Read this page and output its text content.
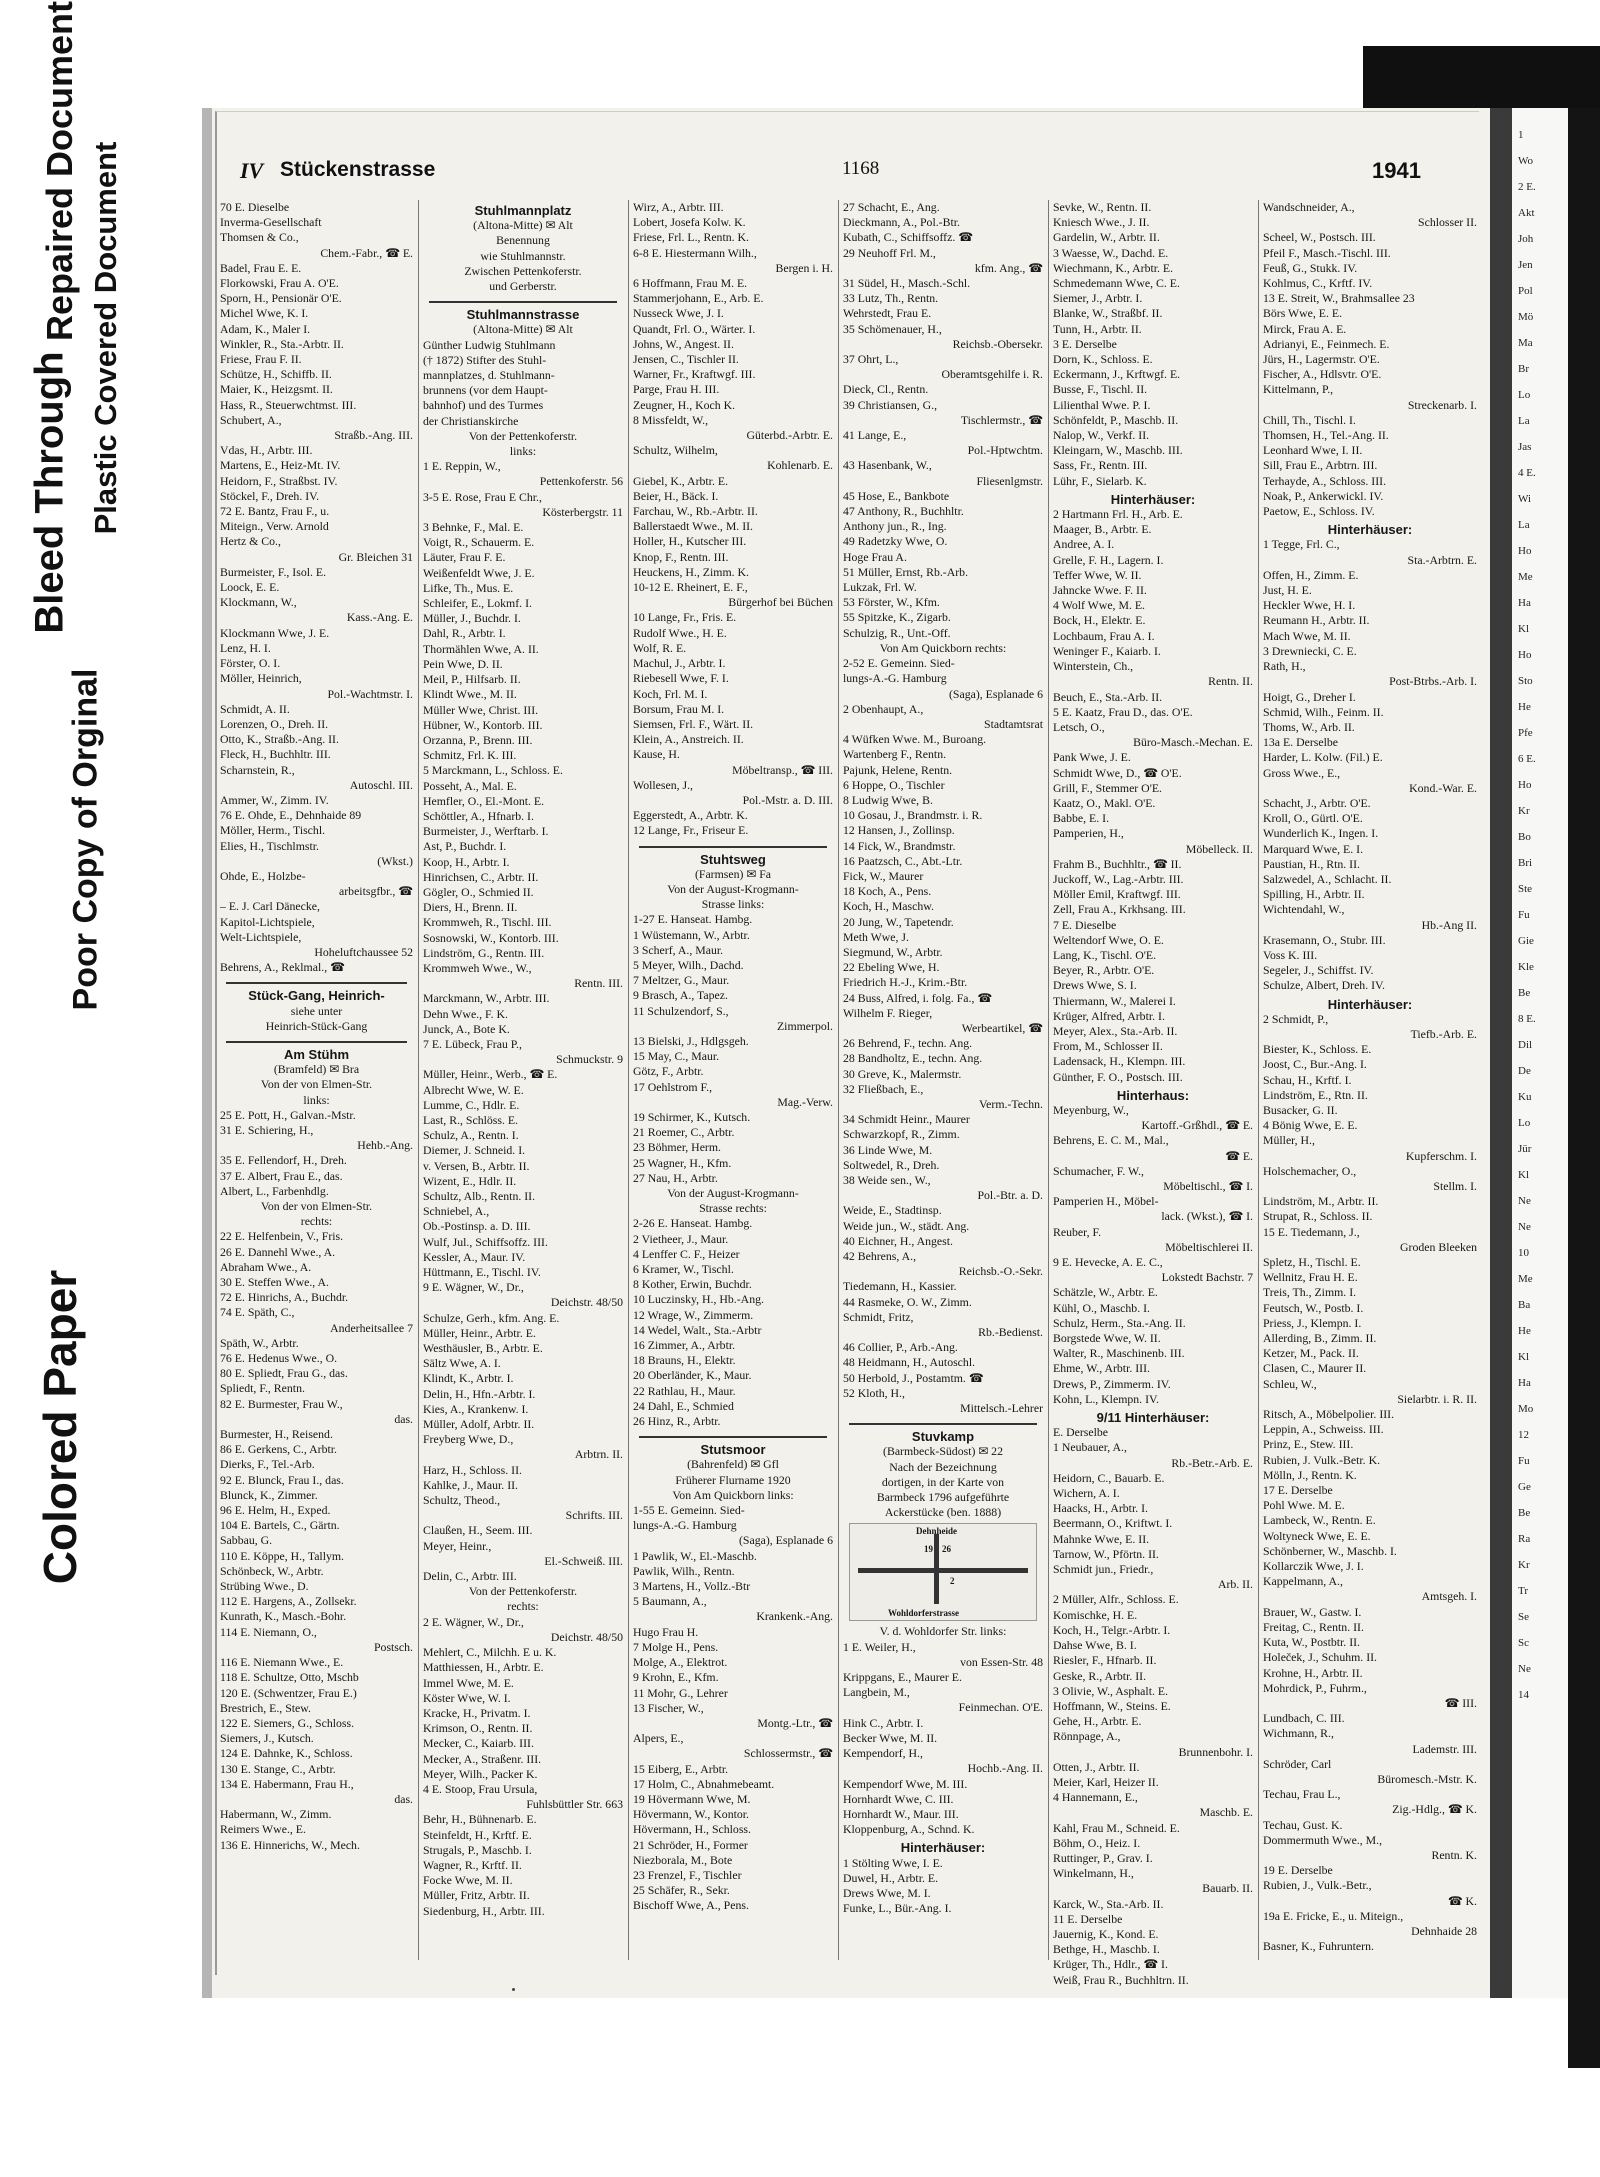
Bleed Through
Repaired Document
Poor Copy of Orginal
Plastic Covered Document
Colored Paper
IV Stückenstrasse	1168	1941
70 E. Dieselbe
Inverma-Gesellschaft
Thomsen & Co.,
Chem.-Fabr., ☎ E.
Badel, Frau E. E.
Florkowski, Frau A. O'E.
Sporn, H., Pensionär O'E.
Michel Wwe, K. I.
Adam, K., Maler I.
Winkler, R., Sta.-Arbtr. II.
Friese, Frau F. II.
Schütze, H., Schiffb. II.
Maier, K., Heizgsmt. II.
Hass, R., Steuerwchtmst. III.
Schubert, A.,
Straßb.-Ang. III.
Vdas, H., Arbtr. III.
Martens, E., Heiz-Mt. IV.
Heidorn, F., Straßbst. IV.
Stöckel, F., Dreh. IV.
72 E. Bantz, Frau F., u.
Miteign., Verw. Arnold
Hertz & Co.,
Gr. Bleichen 31
Burmeister, F., Isol. E.
Loock, E. E.
Klockmann, W.,
Kass.-Ang. E.
Klockmann Wwe, J. E.
Lenz, H. I.
Förster, O. I.
Möller, Heinrich,
Pol.-Wachtmstr. I.
Schmidt, A. II.
Lorenzen, O., Dreh. II.
Otto, K., Straßb.-Ang. II.
Fleck, H., Buchhltr. III.
Scharnstein, R.,
Autoschl. III.
Ammer, W., Zimm. IV.
76 E. Ohde, E., Dehnhaide 89
Möller, Herm., Tischl.
Elies, H., Tischlmstr.
(Wkst.)
Ohde, E., Holzbe-
arbeitsgfbr., ☎
– E. J. Carl Dänecke,
Kapitol-Lichtspiele,
Welt-Lichtspiele,
Hoheluftchaussee 52
Behrens, A., Reklmal., ☎
Stück-Gang, Heinrich-
siehe unter
Heinrich-Stück-Gang
Am Stühm
(Bramfeld) ✉ Bra
Von der von Elmen-Str.
links:
25 E. Pott, H., Galvan.-Mstr.
31 E. Schiering, H.,
Hehb.-Ang.
35 E. Fellendorf, H., Dreh.
37 E. Albert, Frau E., das.
Albert, L., Farbenhdlg.
Von der von Elmen-Str.
rechts:
22 E. Helfenbein, V., Fris.
26 E. Dannehl Wwe., A.
Abraham Wwe., A.
30 E. Steffen Wwe., A.
72 E. Hinrichs, A., Buchdr.
74 E. Späth, C.,
Anderheitsallee 7
Späth, W., Arbtr.
76 E. Hedenus Wwe., O.
80 E. Spliedt, Frau G., das.
Spliedt, F., Rentn.
82 E. Burmester, Frau W.,
das.
Burmester, H., Reisend.
86 E. Gerkens, C., Arbtr.
Dierks, F., Tel.-Arb.
92 E. Blunck, Frau I., das.
Blunck, K., Zimmer.
96 E. Helm, H., Exped.
104 E. Bartels, C., Gärtn.
Sabbau, G.
110 E. Köppe, H., Tallym.
Schönbeck, W., Arbtr.
Strübing Wwe., D.
112 E. Hargens, A., Zollsekr.
Kunrath, K., Masch.-Bohr.
114 E. Niemann, O.,
Postsch.
116 E. Niemann Wwe., E.
118 E. Schultze, Otto, Mschb
120 E. (Schwentzer, Frau E.)
Brestrich, E., Stew.
122 E. Siemers, G., Schloss.
Siemers, J., Kutsch.
124 E. Dahnke, K., Schloss.
130 E. Stange, C., Arbtr.
134 E. Habermann, Frau H.,
das.
Habermann, W., Zimm.
Reimers Wwe., E.
136 E. Hinnerichs, W., Mech.
Stuhlmannplatz
(Altona-Mitte) ✉ Alt
Benennung
wie Stuhlmannstr.
Zwischen Pettenkoferstr.
und Gerberstr.
Stuhlmannstrasse
(Altona-Mitte) ✉ Alt
Günther Ludwig Stuhlmann
(† 1872) Stifter des Stuhl-
mannplatzes, d. Stuhlmann-
brunnens (vor dem Haupt-
bahnhof) und des Turmes
der Christianskirche
Von der Pettenkoferstr.
links:
1 E. Reppin, W.,
Pettenkoferstr. 56
3-5 E. Rose, Frau E Chr.,
Kösterbergstr. 11
3 Behnke, F., Mal. E.
Voigt, R., Schauerm. E.
Läuter, Frau F. E.
Weißenfeldt Wwe, J. E.
Lifke, Th., Mus. E.
Schleifer, E., Lokmf. I.
Müller, J., Buchdr. I.
Dahl, R., Arbtr. I.
Thormählen Wwe, A. II.
Pein Wwe, D. II.
Meil, P., Hilfsarb. II.
Klindt Wwe., M. II.
Müller Wwe, Christ. III.
Hübner, W., Kontorb. III.
Orzanna, P., Brenn. III.
Schmitz, Frl. K. III.
5 Marckmann, L., Schloss. E.
Posseht, A., Mal. E.
Hemfler, O., El.-Mont. E.
Schöttler, A., Hfnarb. I.
Burmeister, J., Werftarb. I.
Ast, P., Buchdr. I.
Koop, H., Arbtr. I.
Hinrichsen, C., Arbtr. II.
Gögler, O., Schmied II.
Diers, H., Brenn. II.
Krommweh, R., Tischl. III.
Sosnowski, W., Kontorb. III.
Lindström, G., Rentn. III.
Krommweh Wwe., W.,
Rentn. III.
Marckmann, W., Arbtr. III.
Dehn Wwe., F. K.
Junck, A., Bote K.
7 E. Lübeck, Frau P.,
Schmuckstr. 9
Müller, Heinr., Werb., ☎ E.
Albrecht Wwe, W. E.
Lumme, C., Hdlr. E.
Last, R., Schlöss. E.
Schulz, A., Rentn. I.
Diemer, J. Schneid. I.
v. Versen, B., Arbtr. II.
Wizent, E., Hdlr. II.
Schultz, Alb., Rentn. II.
Schniebel, A.,
Ob.-Postinsp. a. D. III.
Wulf, Jul., Schiffsoffz. III.
Kessler, A., Maur. IV.
Hüttmann, E., Tischl. IV.
9 E. Wägner, W., Dr.,
Deichstr. 48/50
Schulze, Gerh., kfm. Ang. E.
Müller, Heinr., Arbtr. E.
Westhäusler, B., Arbtr. E.
Sältz Wwe, A. I.
Klindt, K., Arbtr. I.
Delin, H., Hfn.-Arbtr. I.
Kies, A., Krankenw. I.
Müller, Adolf, Arbtr. II.
Freyberg Wwe, D.,
Arbtrn. II.
Harz, H., Schloss. II.
Kahlke, J., Maur. II.
Schultz, Theod.,
Schrifts. III.
Claußen, H., Seem. III.
Meyer, Heinr.,
El.-Schweiß. III.
Delin, C., Arbtr. III.
Von der Pettenkoferstr.
rechts:
2 E. Wägner, W., Dr.,
Deichstr. 48/50
Mehlert, C., Milchh. E u. K.
Matthiessen, H., Arbtr. E.
Immel Wwe, M. E.
Köster Wwe, W. I.
Kracke, H., Privatm. I.
Krimson, O., Rentn. II.
Mecker, C., Kaiarb. III.
Mecker, A., Straßenr. III.
Meyer, Wilh., Packer K.
4 E. Stoop, Frau Ursula,
Fuhlsbüttler Str. 663
Behr, H., Bühnenarb. E.
Steinfeldt, H., Krftf. E.
Strugals, P., Maschb. I.
Wagner, R., Krftf. II.
Focke Wwe, M. II.
Müller, Fritz, Arbtr. II.
Siedenburg, H., Arbtr. III.
Wirz, A., Arbtr. III.
Lobert, Josefa Kolw. K.
Friese, Frl. L., Rentn. K.
6-8 E. Hiestermann Wilh.,
Bergen i. H.
6 Hoffmann, Frau M. E.
Stammerjohann, E., Arb. E.
Nusseck Wwe, J. I.
Quandt, Frl. O., Wärter. I.
Johns, W., Angest. II.
Jensen, C., Tischler II.
Warner, Fr., Kraftwgf. III.
Parge, Frau H. III.
Zeugner, H., Koch K.
8 Missfeldt, W.,
Güterbd.-Arbtr. E.
Schultz, Wilhelm,
Kohlenarb. E.
Giebel, K., Arbtr. E.
Beier, H., Bäck. I.
Farchau, W., Rb.-Arbtr. II.
Ballerstaedt Wwe., M. II.
Holler, H., Kutscher III.
Knop, F., Rentn. III.
Heuckens, H., Zimm. K.
10-12 E. Rheinert, E. F.,
Bürgerhof bei Büchen
10 Lange, Fr., Fris. E.
Rudolf Wwe., H. E.
Wolf, R. E.
Machul, J., Arbtr. I.
Riebesell Wwe, F. I.
Koch, Frl. M. I.
Borsum, Frau M. I.
Siemsen, Frl. F., Wärt. II.
Klein, A., Anstreich. II.
Kause, H.
Möbeltransp., ☎ III.
Wollesen, J.,
Pol.-Mstr. a. D. III.
Eggerstedt, A., Arbtr. K.
12 Lange, Fr., Friseur E.
Stuhtsweg
(Farmsen) ✉ Fa
Von der August-Krogmann-
Strasse links:
1-27 E. Hanseat. Hambg.
1 Wüstemann, W., Arbtr.
3 Scherf, A., Maur.
5 Meyer, Wilh., Dachd.
7 Meltzer, G., Maur.
9 Brasch, A., Tapez.
11 Schulzendorf, S.,
Zimmerpol.
13 Bielski, J., Hdlgsgeh.
15 May, C., Maur.
Götz, F., Arbtr.
17 Oehlstrom F.,
Mag.-Verw.
19 Schirmer, K., Kutsch.
21 Roemer, C., Arbtr.
23 Böhmer, Herm.
25 Wagner, H., Kfm.
27 Nau, H., Arbtr.
Von der August-Krogmann-
Strasse rechts:
2-26 E. Hanseat. Hambg.
2 Vietheer, J., Maur.
4 Lenffer C. F., Heizer
6 Kramer, W., Tischl.
8 Kother, Erwin, Buchdr.
10 Luczinsky, H., Hb.-Ang.
12 Wrage, W., Zimmerm.
14 Wedel, Walt., Sta.-Arbtr
16 Zimmer, A., Arbtr.
18 Brauns, H., Elektr.
20 Oberländer, K., Maur.
22 Rathlau, H., Maur.
24 Dahl, E., Schmied
26 Hinz, R., Arbtr.
Stutsmoor
(Bahrenfeld) ✉ Gfl
Früherer Flurname 1920
Von Am Quickborn links:
1-55 E. Gemeinn. Sied-
lungs-A.-G. Hamburg
(Saga), Esplanade 6
1 Pawlik, W., El.-Maschb.
Pawlik, Wilh., Rentn.
3 Martens, H., Vollz.-Btr
5 Baumann, A.,
Krankenk.-Ang.
Hugo Frau H.
7 Molge H., Pens.
Molge, A., Elektrot.
9 Krohn, E., Kfm.
11 Mohr, G., Lehrer
13 Fischer, W.,
Montg.-Ltr., ☎
Alpers, E.,
Schlossermstr., ☎
15 Eiberg, E., Arbtr.
17 Holm, C., Abnahmebeamt.
19 Hövermann Wwe, M.
Hövermann, W., Kontor.
Hövermann, H., Schloss.
21 Schröder, H., Former
Niezborala, M., Bote
23 Frenzel, F., Tischler
25 Schäfer, R., Sekr.
Bischoff Wwe, A., Pens.
27 Schacht, E., Ang.
Dieckmann, A., Pol.-Btr.
Kubath, C., Schiffsoffz. ☎
29 Neuhoff Frl. M.,
kfm. Ang., ☎
31 Südel, H., Masch.-Schl.
33 Lutz, Th., Rentn.
Wehrstedt, Frau E.
35 Schömenauer, H.,
Reichsb.-Obersekr.
37 Ohrt, L.,
Oberamtsgehilfe i. R.
Dieck, Cl., Rentn.
39 Christiansen, G.,
Tischlermstr., ☎
41 Lange, E.,
Pol.-Hptwchtm.
43 Hasenbank, W.,
Fliesenlgmstr.
45 Hose, E., Bankbote
47 Anthony, R., Buchhltr.
Anthony jun., R., Ing.
49 Radetzky Wwe, O.
Hoge Frau A.
51 Müller, Ernst, Rb.-Arb.
Lukzak, Frl. W.
53 Förster, W., Kfm.
55 Spitzke, K., Zigarb.
Schulzig, R., Unt.-Off.
Von Am Quickborn rechts:
2-52 E. Gemeinn. Sied-
lungs-A.-G. Hamburg
(Saga), Esplanade 6
2 Obenhaupt, A.,
Stadtamtsrat
4 Wüfken Wwe. M., Buroang.
Wartenberg F., Rentn.
Pajunk, Helene, Rentn.
6 Hoppe, O., Tischler
8 Ludwig Wwe, B.
10 Gosau, J., Brandmstr. i. R.
12 Hansen, J., Zollinsp.
14 Fick, W., Brandmstr.
16 Paatzsch, C., Abt.-Ltr.
Fick, W., Maurer
18 Koch, A., Pens.
Koch, H., Maschw.
20 Jung, W., Tapetendr.
Meth Wwe, J.
Siegmund, W., Arbtr.
22 Ebeling Wwe, H.
Friedrich H.-J., Krim.-Btr.
24 Buss, Alfred, i. folg. Fa., ☎
Wilhelm F. Rieger,
Werbeartikel, ☎
26 Behrend, F., techn. Ang.
28 Bandholtz, E., techn. Ang.
30 Greve, K., Malermstr.
32 Fließbach, E.,
Verm.-Techn.
34 Schmidt Heinr., Maurer
Schwarzkopf, R., Zimm.
36 Linde Wwe, M.
Soltwedel, R., Dreh.
38 Weide sen., W.,
Pol.-Btr. a. D.
Weide, E., Stadtinsp.
Weide jun., W., städt. Ang.
40 Eichner, H., Angest.
42 Behrens, A.,
Reichsb.-O.-Sekr.
Tiedemann, H., Kassier.
44 Rasmeke, O. W., Zimm.
Schmidt, Fritz,
Rb.-Bedienst.
46 Collier, P., Arb.-Ang.
48 Heidmann, H., Autoschl.
50 Herbold, J., Postamtm. ☎
52 Kloth, H.,
Mittelsch.-Lehrer
Stuvkamp
(Barmbeck-Südost) ✉ 22
Nach der Bezeichnung
dortigen, in der Karte von
Barmbeck 1796 aufgeführte
Ackerstücke (ben. 1888)
Dehnheide
Wohldorferstrasse
19 26
2
V. d. Wohldorfer Str. links:
1 E. Weiler, H.,
von Essen-Str. 48
Krippgans, E., Maurer E.
Langbein, M.,
Feinmechan. O'E.
Hink C., Arbtr. I.
Becker Wwe, M. II.
Kempendorf, H.,
Hochb.-Ang. II.
Kempendorf Wwe, M. III.
Hornhardt Wwe, C. III.
Hornhardt W., Maur. III.
Kloppenburg, A., Schnd. K.
Hinterhäuser:
1 Stölting Wwe, I. E.
Duwel, H., Arbtr. E.
Drews Wwe, M. I.
Funke, L., Bür.-Ang. I.
Sevke, W., Rentn. II.
Kniesch Wwe., J. II.
Gardelin, W., Arbtr. II.
3 Waesse, W., Dachd. E.
Wiechmann, K., Arbtr. E.
Schmedemann Wwe, C. E.
Siemer, J., Arbtr. I.
Blanke, W., Straßbf. II.
Tunn, H., Arbtr. II.
3 E. Derselbe
Dorn, K., Schloss. E.
Eckermann, J., Krftwgf. E.
Busse, F., Tischl. II.
Lilienthal Wwe. P. I.
Schönfeldt, P., Maschb. II.
Nalop, W., Verkf. II.
Kleingarn, W., Maschb. III.
Sass, Fr., Rentn. III.
Lühr, F., Sielarb. K.
Hinterhäuser:
2 Hartmann Frl. H., Arb. E.
Maager, B., Arbtr. E.
Andree, A. I.
Grelle, F. H., Lagern. I.
Teffer Wwe, W. II.
Jahncke Wwe. F. II.
4 Wolf Wwe, M. E.
Bock, H., Elektr. E.
Lochbaum, Frau A. I.
Weninger F., Kaiarb. I.
Winterstein, Ch.,
Rentn. II.
Beuch, E., Sta.-Arb. II.
5 E. Kaatz, Frau D., das. O'E.
Letsch, O.,
Büro-Masch.-Mechan. E.
Pank Wwe, J. E.
Schmidt Wwe, D., ☎ O'E.
Grill, F., Stemmer O'E.
Kaatz, O., Makl. O'E.
Babbe, E. I.
Pamperien, H.,
Möbelleck. II.
Frahm B., Buchhltr., ☎ II.
Juckoff, W., Lag.-Arbtr. III.
Möller Emil, Kraftwgf. III.
Zell, Frau A., Krkhsang. III.
7 E. Dieselbe
Weltendorf Wwe, O. E.
Lang, K., Tischl. O'E.
Beyer, R., Arbtr. O'E.
Drews Wwe, S. I.
Thiermann, W., Malerei I.
Krüger, Alfred, Arbtr. I.
Meyer, Alex., Sta.-Arb. II.
From, M., Schlosser II.
Ladensack, H., Klempn. III.
Günther, F. O., Postsch. III.
Hinterhaus:
Meyenburg, W.,
Kartoff.-Grßhdl., ☎ E.
Behrens, E. C. M., Mal.,
☎ E.
Schumacher, F. W.,
Möbeltischl., ☎ I.
Pamperien H., Möbel-
lack. (Wkst.), ☎ I.
Reuber, F.
Möbeltischlerei II.
9 E. Hevecke, A. E. C.,
Lokstedt Bachstr. 7
Schätzle, W., Arbtr. E.
Kühl, O., Maschb. I.
Schulz, Herm., Sta.-Ang. II.
Borgstede Wwe, W. II.
Walter, R., Maschinenb. III.
Ehme, W., Arbtr. III.
Drews, P., Zimmerm. IV.
Kohn, L., Klempn. IV.
9/11 Hinterhäuser:
E. Derselbe
1 Neubauer, A.,
Rb.-Betr.-Arb. E.
Heidorn, C., Bauarb. E.
Wichern, A. I.
Haacks, H., Arbtr. I.
Beermann, O., Kriftwt. I.
Mahnke Wwe, E. II.
Tarnow, W., Pförtn. II.
Schmidt jun., Friedr.,
Arb. II.
2 Müller, Alfr., Schloss. E.
Komischke, H. E.
Koch, H., Telgr.-Arbtr. I.
Dahse Wwe, B. I.
Riesler, F., Hfnarb. II.
Geske, R., Arbtr. II.
3 Olivie, W., Asphalt. E.
Hoffmann, W., Steins. E.
Gehe, H., Arbtr. E.
Rönnpage, A.,
Brunnenbohr. I.
Otten, J., Arbtr. II.
Meier, Karl, Heizer II.
4 Hannemann, E.,
Maschb. E.
Kahl, Frau M., Schneid. E.
Böhm, O., Heiz. I.
Ruttinger, P., Grav. I.
Winkelmann, H.,
Bauarb. II.
Karck, W., Sta.-Arb. II.
11 E. Derselbe
Jauernig, K., Kond. E.
Bethge, H., Maschb. I.
Krüger, Th., Hdlr., ☎ I.
Weiß, Frau R., Buchhltrn. II.
Wandschneider, A.,
Schlosser II.
Scheel, W., Postsch. III.
Pfeil F., Masch.-Tischl. III.
Feuß, G., Stukk. IV.
Kohlmus, C., Krftf. IV.
13 E. Streit, W., Brahmsallee 23
Börs Wwe, E. E.
Mirck, Frau A. E.
Adrianyi, E., Feinmech. E.
Jürs, H., Lagermstr. O'E.
Fischer, A., Hdlsvtr. O'E.
Kittelmann, P.,
Streckenarb. I.
Chill, Th., Tischl. I.
Thomsen, H., Tel.-Ang. II.
Leonhard Wwe, I. II.
Sill, Frau E., Arbtrn. III.
Terhayde, A., Schloss. III.
Noak, P., Ankerwickl. IV.
Paetow, E., Schloss. IV.
Hinterhäuser:
1 Tegge, Frl. C.,
Sta.-Arbtrn. E.
Offen, H., Zimm. E.
Just, H. E.
Heckler Wwe, H. I.
Reumann H., Arbtr. II.
Mach Wwe, M. II.
3 Drewniecki, C. E.
Rath, H.,
Post-Btrbs.-Arb. I.
Hoigt, G., Dreher I.
Schmid, Wilh., Feinm. II.
Thoms, W., Arb. II.
13a E. Derselbe
Harder, L. Kolw. (Fil.) E.
Gross Wwe., E.,
Kond.-War. E.
Schacht, J., Arbtr. O'E.
Kroll, O., Gürtl. O'E.
Wunderlich K., Ingen. I.
Marquard Wwe, E. I.
Paustian, H., Rtn. II.
Salzwedel, A., Schlacht. II.
Spilling, H., Arbtr. II.
Wichtendahl, W.,
Hb.-Ang II.
Krasemann, O., Stubr. III.
Voss K. III.
Segeler, J., Schiffst. IV.
Schulze, Albert, Dreh. IV.
Hinterhäuser:
2 Schmidt, P.,
Tiefb.-Arb. E.
Biester, K., Schloss. E.
Joost, C., Bur.-Ang. I.
Schau, H., Krftf. I.
Lindström, E., Rtn. II.
Busacker, G. II.
4 Bönig Wwe, E. E.
Müller, H.,
Kupferschm. I.
Holschemacher, O.,
Stellm. I.
Lindström, M., Arbtr. II.
Strupat, R., Schloss. II.
15 E. Tiedemann, J.,
Groden Bleeken
Spletz, H., Tischl. E.
Wellnitz, Frau H. E.
Treis, Th., Zimm. I.
Feutsch, W., Postb. I.
Priess, J., Klempn. I.
Allerding, B., Zimm. II.
Ketzer, M., Pack. II.
Clasen, C., Maurer II.
Schleu, W.,
Sielarbtr. i. R. II.
Ritsch, A., Möbelpolier. III.
Leppin, A., Schweiss. III.
Prinz, E., Stew. III.
Rubien, J. Vulk.-Betr. K.
Mölln, J., Rentn. K.
17 E. Derselbe
Pohl Wwe. M. E.
Lambeck, W., Rentn. E.
Woltyneck Wwe, E. E.
Schönberner, W., Maschb. I.
Kollarczik Wwe, J. I.
Kappelmann, A.,
Amtsgeh. I.
Brauer, W., Gastw. I.
Freitag, C., Rentn. II.
Kuta, W., Postbtr. II.
Holeček, J., Schuhm. II.
Krohne, H., Arbtr. II.
Mohrdick, P., Fuhrm.,
☎ III.
Lundbach, C. III.
Wichmann, R.,
Lademstr. III.
Schröder, Carl
Büromesch.-Mstr. K.
Techau, Frau L.,
Zig.-Hdlg., ☎ K.
Techau, Gust. K.
Dommermuth Wwe., M.,
Rentn. K.
19 E. Derselbe
Rubien, J., Vulk.-Betr.,
☎ K.
19a E. Fricke, E., u. Miteign.,
Dehnhaide 28
Basner, K., Fuhruntern.
1
Wo
2 E.
Akt
Joh
Jen
Pol
Mö
Ma
Br
Lo
La
Jas
4 E.
Wi
La
Ho
Me
Ha
Kl
Ho
Sto
He
Pfe
6 E.
Ho
Kr
Bo
Bri
Ste
Fu
Gie
Kle
Be
8 E.
Dil
De
Ku
Lo
Jür
Kl
Ne
Ne
10
Me
Ba
He
Kl
Ha
Mo
12
Fu
Ge
Be
Ra
Kr
Tr
Se
Sc
Ne
14
